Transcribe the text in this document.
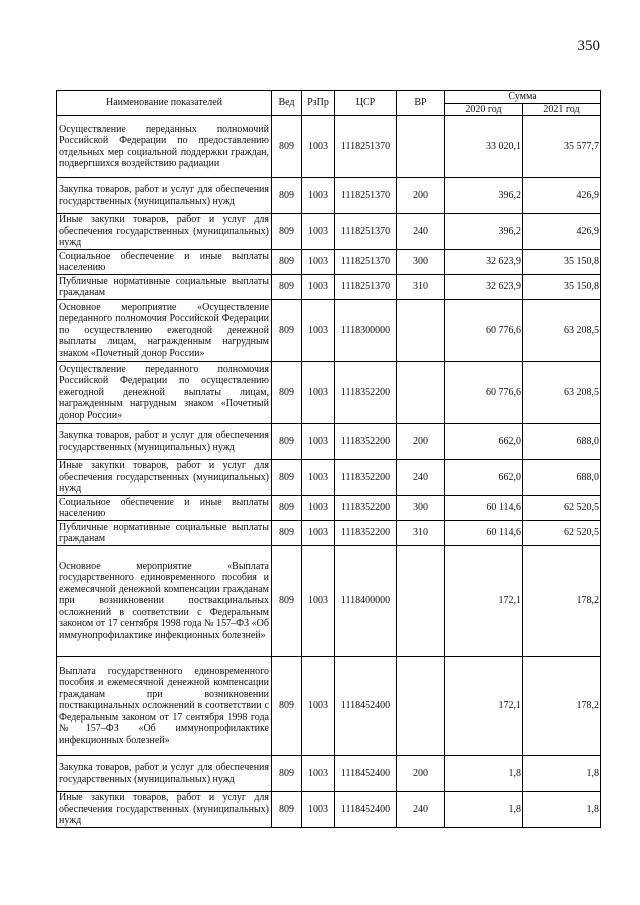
350
Наименование показателей	Вед	РзПр	ЦСР	ВР	Сумма	
					2020 год	2021 год
Осуществление переданных полномочий Российской Федерации по предоставлению отдельных мер социальной поддержки граждан, подвергшихся воздействию радиации	809	1003	1118251370		33 020,1	35 577,7
Закупка товаров, работ и услуг для обеспечения государственных (муниципальных) нужд	809	1003	1118251370	200	396,2	426,9
Иные закупки товаров, работ и услуг для обеспечения государственных (муниципальных) нужд	809	1003	1118251370	240	396,2	426,9
Социальное обеспечение и иные выплаты населению	809	1003	1118251370	300	32 623,9	35 150,8
Публичные нормативные социальные выплаты гражданам	809	1003	1118251370	310	32 623,9	35 150,8
Основное мероприятие «Осуществление переданного полномочия Российской Федерации по осуществлению ежегодной денежной выплаты лицам, награжденным нагрудным знаком «Почетный донор России»	809	1003	1118300000		60 776,6	63 208,5
Осуществление переданного полномочия Российской Федерации по осуществлению ежегодной денежной выплаты лицам, награжденным нагрудным знаком «Почетный донор России»	809	1003	1118352200		60 776,6	63 208,5
Закупка товаров, работ и услуг для обеспечения государственных (муниципальных) нужд	809	1003	1118352200	200	662,0	688,0
Иные закупки товаров, работ и услуг для обеспечения государственных (муниципальных) нужд	809	1003	1118352200	240	662,0	688,0
Социальное обеспечение и иные выплаты населению	809	1003	1118352200	300	60 114,6	62 520,5
Публичные нормативные социальные выплаты гражданам	809	1003	1118352200	310	60 114,6	62 520,5
Основное мероприятие «Выплата государственного единовременного пособия и ежемесячной денежной компенсации гражданам при возникновении поствакцинальных осложнений в соответствии с Федеральным законом от 17 сентября 1998 года № 157–ФЗ «Об иммунопрофилактике инфекционных болезней»	809	1003	1118400000		172,1	178,2
Выплата государственного единовременного пособия и ежемесячной денежной компенсации гражданам при возникновении поствакцинальных осложнений в соответствии с Федеральным законом от 17 сентября 1998 года №157–ФЗ «Об иммунопрофилактике инфекционных болезней»	809	1003	1118452400		172,1	178,2
Закупка товаров, работ и услуг для обеспечения государственных (муниципальных) нужд	809	1003	1118452400	200	1,8	1,8
Иные закупки товаров, работ и услуг для обеспечения государственных (муниципальных) нужд	809	1003	1118452400	240	1,8	1,8
